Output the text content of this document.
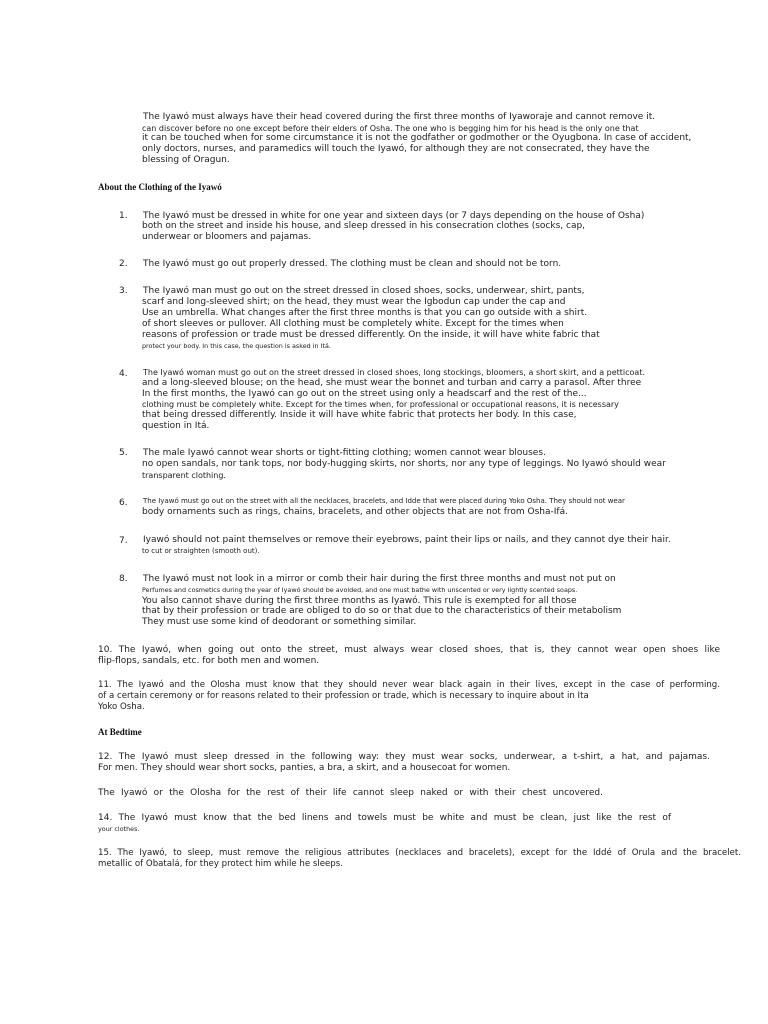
The Iyawó must always have their head covered during the first three months of Iyaworaje and cannot remove it.
can discover before no one except before their elders of Osha. The one who is begging him for his head is the only one that
it can be touched when for some circumstance it is not the godfather or godmother or the Oyugbona. In case of accident,
only doctors, nurses, and paramedics will touch the Iyawó, for although they are not consecrated, they have the
blessing of Oragun.
About the Clothing of the Iyawó
1. The Iyawó must be dressed in white for one year and sixteen days (or 7 days depending on the house of Osha)
both on the street and inside his house, and sleep dressed in his consecration clothes (socks, cap,
underwear or bloomers and pajamas.
2. The Iyawó must go out properly dressed. The clothing must be clean and should not be torn.
3. The Iyawó man must go out on the street dressed in closed shoes, socks, underwear, shirt, pants,
scarf and long-sleeved shirt; on the head, they must wear the Igbodun cap under the cap and
Use an umbrella. What changes after the first three months is that you can go outside with a shirt.
of short sleeves or pullover. All clothing must be completely white. Except for the times when
reasons of profession or trade must be dressed differently. On the inside, it will have white fabric that
protect your body. In this case, the question is asked in Itá.
4. The Iyawó woman must go out on the street dressed in closed shoes, long stockings, bloomers, a short skirt, and a petticoat.
and a long-sleeved blouse; on the head, she must wear the bonnet and turban and carry a parasol. After three
In the first months, the Iyawó can go out on the street using only a headscarf and the rest of the...
clothing must be completely white. Except for the times when, for professional or occupational reasons, it is necessary
that being dressed differently. Inside it will have white fabric that protects her body. In this case,
question in Itá.
5. The male Iyawó cannot wear shorts or tight-fitting clothing; women cannot wear blouses.
no open sandals, nor tank tops, nor body-hugging skirts, nor shorts, nor any type of leggings. No Iyawó should wear
transparent clothing.
6. The Iyawó must go out on the street with all the necklaces, bracelets, and Idde that were placed during Yoko Osha. They should not wear
body ornaments such as rings, chains, bracelets, and other objects that are not from Osha-Ifá.
7. Iyawó should not paint themselves or remove their eyebrows, paint their lips or nails, and they cannot dye their hair.
to cut or straighten (smooth out).
8. The Iyawó must not look in a mirror or comb their hair during the first three months and must not put on
Perfumes and cosmetics during the year of Iyawó should be avoided, and one must bathe with unscented or very lightly scented soaps.
You also cannot shave during the first three months as Iyawó. This rule is exempted for all those
that by their profession or trade are obliged to do so or that due to the characteristics of their metabolism
They must use some kind of deodorant or something similar.
10. The Iyawó, when going out onto the street, must always wear closed shoes, that is, they cannot wear open shoes like
flip-flops, sandals, etc. for both men and women.
11. The Iyawó and the Olosha must know that they should never wear black again in their lives, except in the case of performing.
of a certain ceremony or for reasons related to their profession or trade, which is necessary to inquire about in Ita
Yoko Osha.
At Bedtime
12. The Iyawó must sleep dressed in the following way: they must wear socks, underwear, a t-shirt, a hat, and pajamas.
For men. They should wear short socks, panties, a bra, a skirt, and a housecoat for women.
The Iyawó or the Olosha for the rest of their life cannot sleep naked or with their chest uncovered.
14. The Iyawó must know that the bed linens and towels must be white and must be clean, just like the rest of
your clothes.
15. The Iyawó, to sleep, must remove the religious attributes (necklaces and bracelets), except for the Iddé of Orula and the bracelet.
metallic of Obatalá, for they protect him while he sleeps.
